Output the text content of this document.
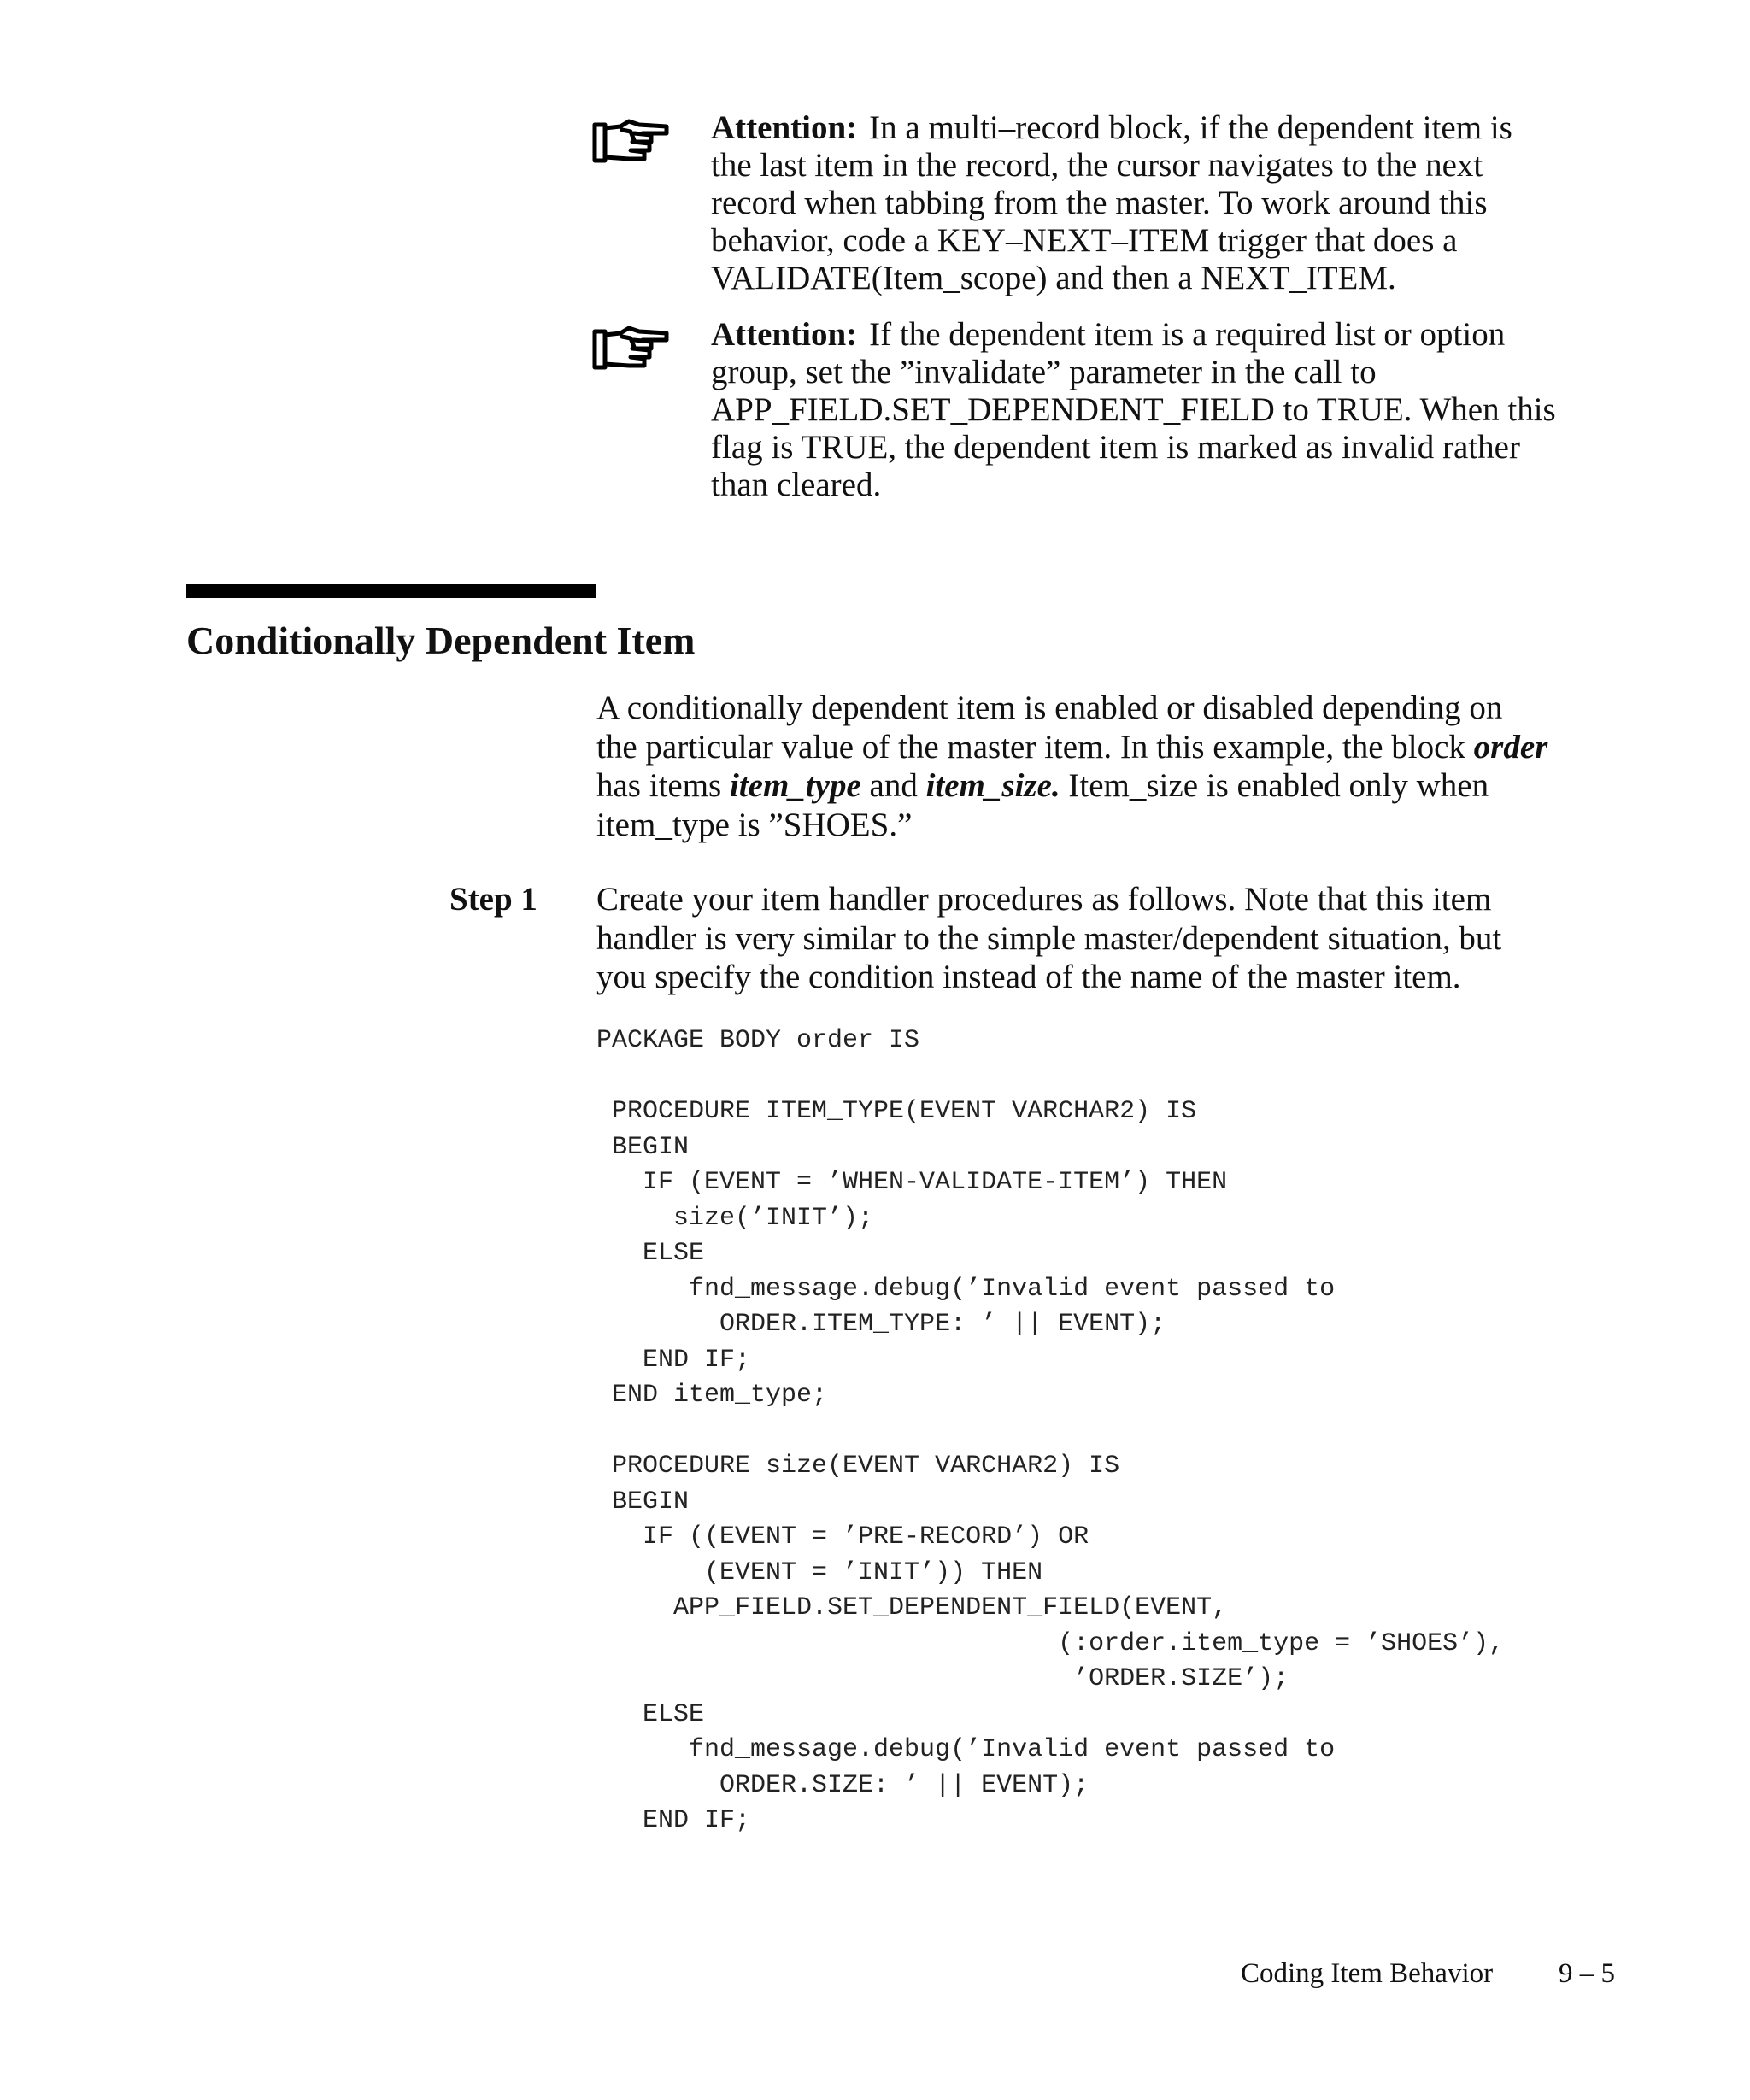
Attention: In a multi–record block, if the dependent item is
the last item in the record, the cursor navigates to the next
record when tabbing from the master. To work around this
behavior, code a KEY–NEXT–ITEM trigger that does a
VALIDATE(Item_scope) and then a NEXT_ITEM.
Attention: If the dependent item is a required list or option
group, set the ”invalidate” parameter in the call to
APP_FIELD.SET_DEPENDENT_FIELD to TRUE. When this
flag is TRUE, the dependent item is marked as invalid rather
than cleared.
Conditionally Dependent Item
A conditionally dependent item is enabled or disabled depending on
the particular value of the master item. In this example, the block order
has items item_type and item_size. Item_size is enabled only when
item_type is ”SHOES.”
Step 1 Create your item handler procedures as follows. Note that this item
handler is very similar to the simple master/dependent situation, but
you specify the condition instead of the name of the master item.
PACKAGE BODY order IS

PROCEDURE ITEM_TYPE(EVENT VARCHAR2) IS
BEGIN
IF (EVENT = ’WHEN-VALIDATE-ITEM’) THEN
size(’INIT’);
ELSE
fnd_message.debug(’Invalid event passed to
ORDER.ITEM_TYPE: ’ || EVENT);
END IF;
END item_type;

PROCEDURE size(EVENT VARCHAR2) IS
BEGIN
IF ((EVENT = ’PRE-RECORD’) OR
(EVENT = ’INIT’)) THEN
APP_FIELD.SET_DEPENDENT_FIELD(EVENT,
(:order.item_type = ’SHOES’),
’ORDER.SIZE’);
ELSE
fnd_message.debug(’Invalid event passed to
ORDER.SIZE: ’ || EVENT);
END IF;
Coding Item Behavior 9 – 5
